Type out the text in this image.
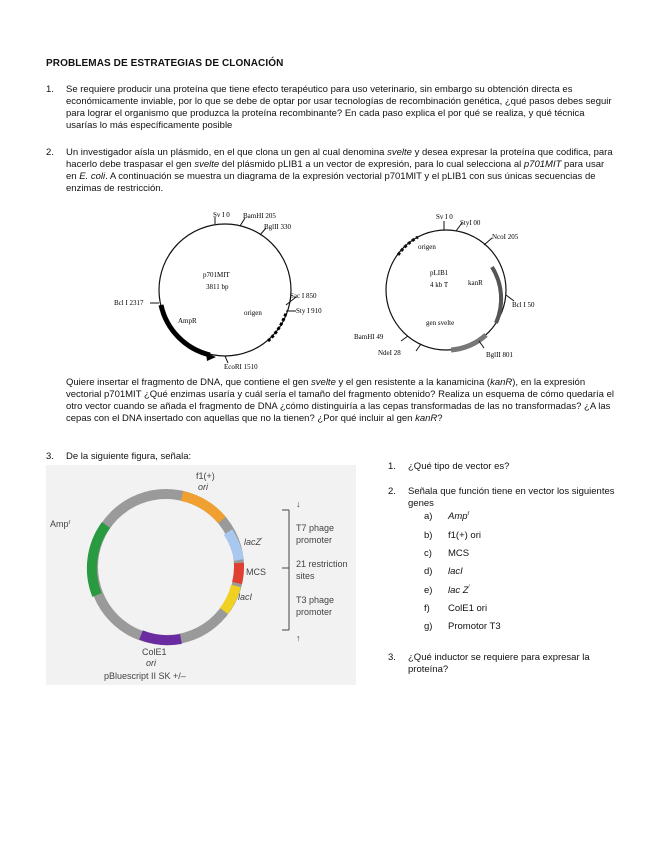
PROBLEMAS DE ESTRATEGIAS DE CLONACIÓN
1. Se requiere producir una proteína que tiene efecto terapéutico para uso veterinario, sin embargo su obtención directa es económicamente inviable, por lo que se debe de optar por usar tecnologías de recombinación genética, ¿qué pasos debes seguir para lograr el organismo que produzca la proteína recombinante? En cada paso explica el por qué se realiza, y qué técnica usarías lo más específicamente posible
2. Un investigador aísla un plásmido, en el que clona un gen al cual denomina svelte y desea expresar la proteína que codifica, para hacerlo debe traspasar el gen svelte del plásmido pLIB1 a un vector de expresión, para lo cual selecciona al p701MIT para usar en E. coli. A continuación se muestra un diagrama de la expresión vectorial p701MIT y el pLIB1 con sus únicas secuencias de enzimas de restricción.
Sv I 0 BamHI 205
BglII 330
Sac I 850
Sty I 910
EcoRI 1510
Bcl I 2317
p701MIT
3811 bp
AmpR
origen
Sv I 0
StyI 00
NcoI 205
Bcl I 50
BglII 801
NdeI 28
BamHI 49
pLIB1
4 kb T
origen
kanR
gen svelte
Quiere insertar el fragmento de DNA, que contiene el gen svelte y el gen resistente a la kanamicina (kanR), en la expresión vectorial p701MIT ¿Qué enzimas usaría y cuál sería el tamaño del fragmento obtenido? Realiza un esquema de cómo quedaría el otro vector cuando se añada el fragmento de DNA ¿cómo distinguiría a las cepas transformadas de las no transformadas? ¿A las cepas con el DNA insertado con aquellas que no la tienen? ¿Por qué incluir al gen kanR?
3. De la siguiente figura, señala:
↓
↑
f1(+)
ori
Amp$^r$
lacZ′
MCS
lacI
ColE1
ori
pBluescript II SK +/–
T7 phage
promoter
21 restriction
sites
T3 phage
promoter
1. ¿Qué tipo de vector es?
2. Señala que función tiene en vector los siguientes genes
a) Amp$^r$
b) f1(+) ori
c) MCS
d) lacI
e) lac Z′
f) ColE1 ori
g) Promotor T3
3. ¿Qué inductor se requiere para expresar la proteína?
